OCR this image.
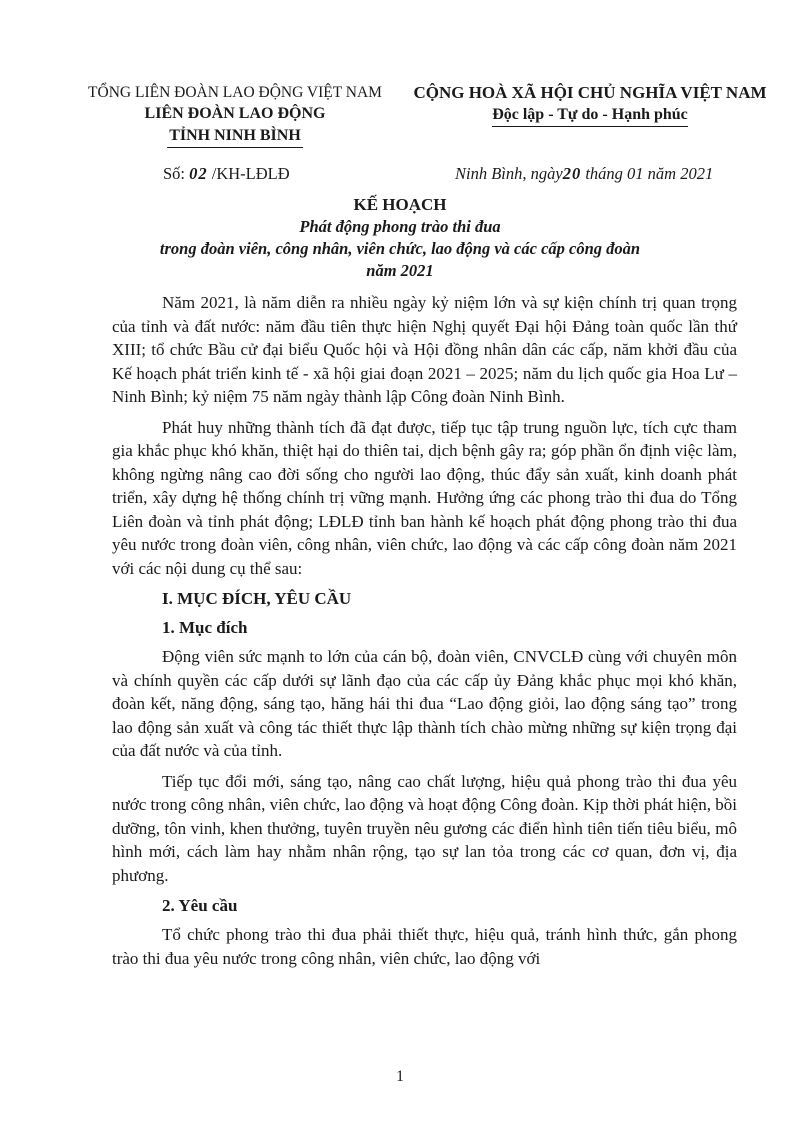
TỔNG LIÊN ĐOÀN LAO ĐỘNG VIỆT NAM
LIÊN ĐOÀN LAO ĐỘNG
TỈNH NINH BÌNH
CỘNG HOÀ XÃ HỘI CHỦ NGHĨA VIỆT NAM
Độc lập - Tự do - Hạnh phúc
Số: 02 /KH-LĐLĐ	Ninh Bình, ngày20 tháng 01 năm 2021
KẾ HOẠCH
Phát động phong trào thi đua
trong đoàn viên, công nhân, viên chức, lao động và các cấp công đoàn
năm 2021

Năm 2021, là năm diễn ra nhiều ngày kỷ niệm lớn và sự kiện chính trị quan trọng của tỉnh và đất nước: năm đầu tiên thực hiện Nghị quyết Đại hội Đảng toàn quốc lần thứ XIII; tổ chức Bầu cử đại biểu Quốc hội và Hội đồng nhân dân các cấp, năm khởi đầu của Kế hoạch phát triển kinh tế - xã hội giai đoạn 2021 – 2025; năm du lịch quốc gia Hoa Lư – Ninh Bình; kỷ niệm 75 năm ngày thành lập Công đoàn Ninh Bình.

Phát huy những thành tích đã đạt được, tiếp tục tập trung nguồn lực, tích cực tham gia khắc phục khó khăn, thiệt hại do thiên tai, dịch bệnh gây ra; góp phần ổn định việc làm, không ngừng nâng cao đời sống cho người lao động, thúc đẩy sản xuất, kinh doanh phát triển, xây dựng hệ thống chính trị vững mạnh. Hưởng ứng các phong trào thi đua do Tổng Liên đoàn và tỉnh phát động; LĐLĐ tỉnh ban hành kế hoạch phát động phong trào thi đua yêu nước trong đoàn viên, công nhân, viên chức, lao động và các cấp công đoàn năm 2021 với các nội dung cụ thể sau:

I. MỤC ĐÍCH, YÊU CẦU
1. Mục đích

Động viên sức mạnh to lớn của cán bộ, đoàn viên, CNVCLĐ cùng với chuyên môn và chính quyền các cấp dưới sự lãnh đạo của các cấp ủy Đảng khắc phục mọi khó khăn, đoàn kết, năng động, sáng tạo, hăng hái thi đua “Lao động giỏi, lao động sáng tạo” trong lao động sản xuất và công tác thiết thực lập thành tích chào mừng những sự kiện trọng đại của đất nước và của tỉnh.

Tiếp tục đổi mới, sáng tạo, nâng cao chất lượng, hiệu quả phong trào thi đua yêu nước trong công nhân, viên chức, lao động và hoạt động Công đoàn. Kịp thời phát hiện, bồi dưỡng, tôn vinh, khen thưởng, tuyên truyền nêu gương các điển hình tiên tiến tiêu biểu, mô hình mới, cách làm hay nhằm nhân rộng, tạo sự lan tỏa trong các cơ quan, đơn vị, địa phương.

2. Yêu cầu

Tổ chức phong trào thi đua phải thiết thực, hiệu quả, tránh hình thức, gắn phong trào thi đua yêu nước trong công nhân, viên chức, lao động với

1
